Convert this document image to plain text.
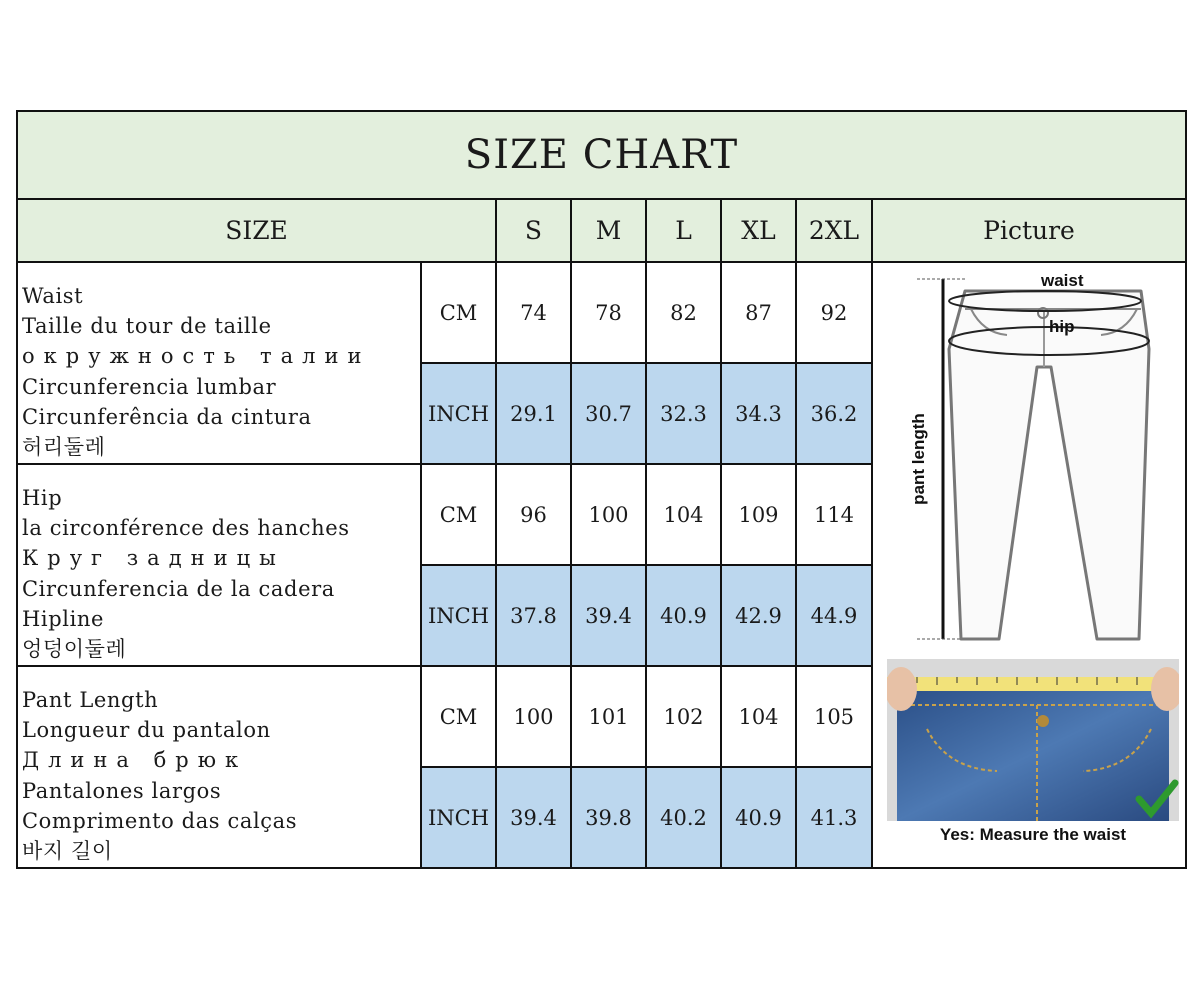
SIZE CHART
SIZE	S	M	L	XL	2XL	Picture
Waist
Taille du tour de taille
окружность талии
Circunferencia lumbar
Circunferência da cintura
허리둘레
CM	74	78	82	87	92
INCH	29.1	30.7	32.3	34.3	36.2
Hip
la circonférence des hanches
Круг задницы
Circunferencia de la cadera
Hipline
엉덩이둘레
CM	96	100	104	109	114
INCH	37.8	39.4	40.9	42.9	44.9
Pant Length
Longueur du pantalon
Длина брюк
Pantalones largos
Comprimento das calças
바지 길이
CM	100	101	102	104	105
INCH	39.4	39.8	40.2	40.9	41.3
waist
hip
pant length
Yes: Measure the waist
